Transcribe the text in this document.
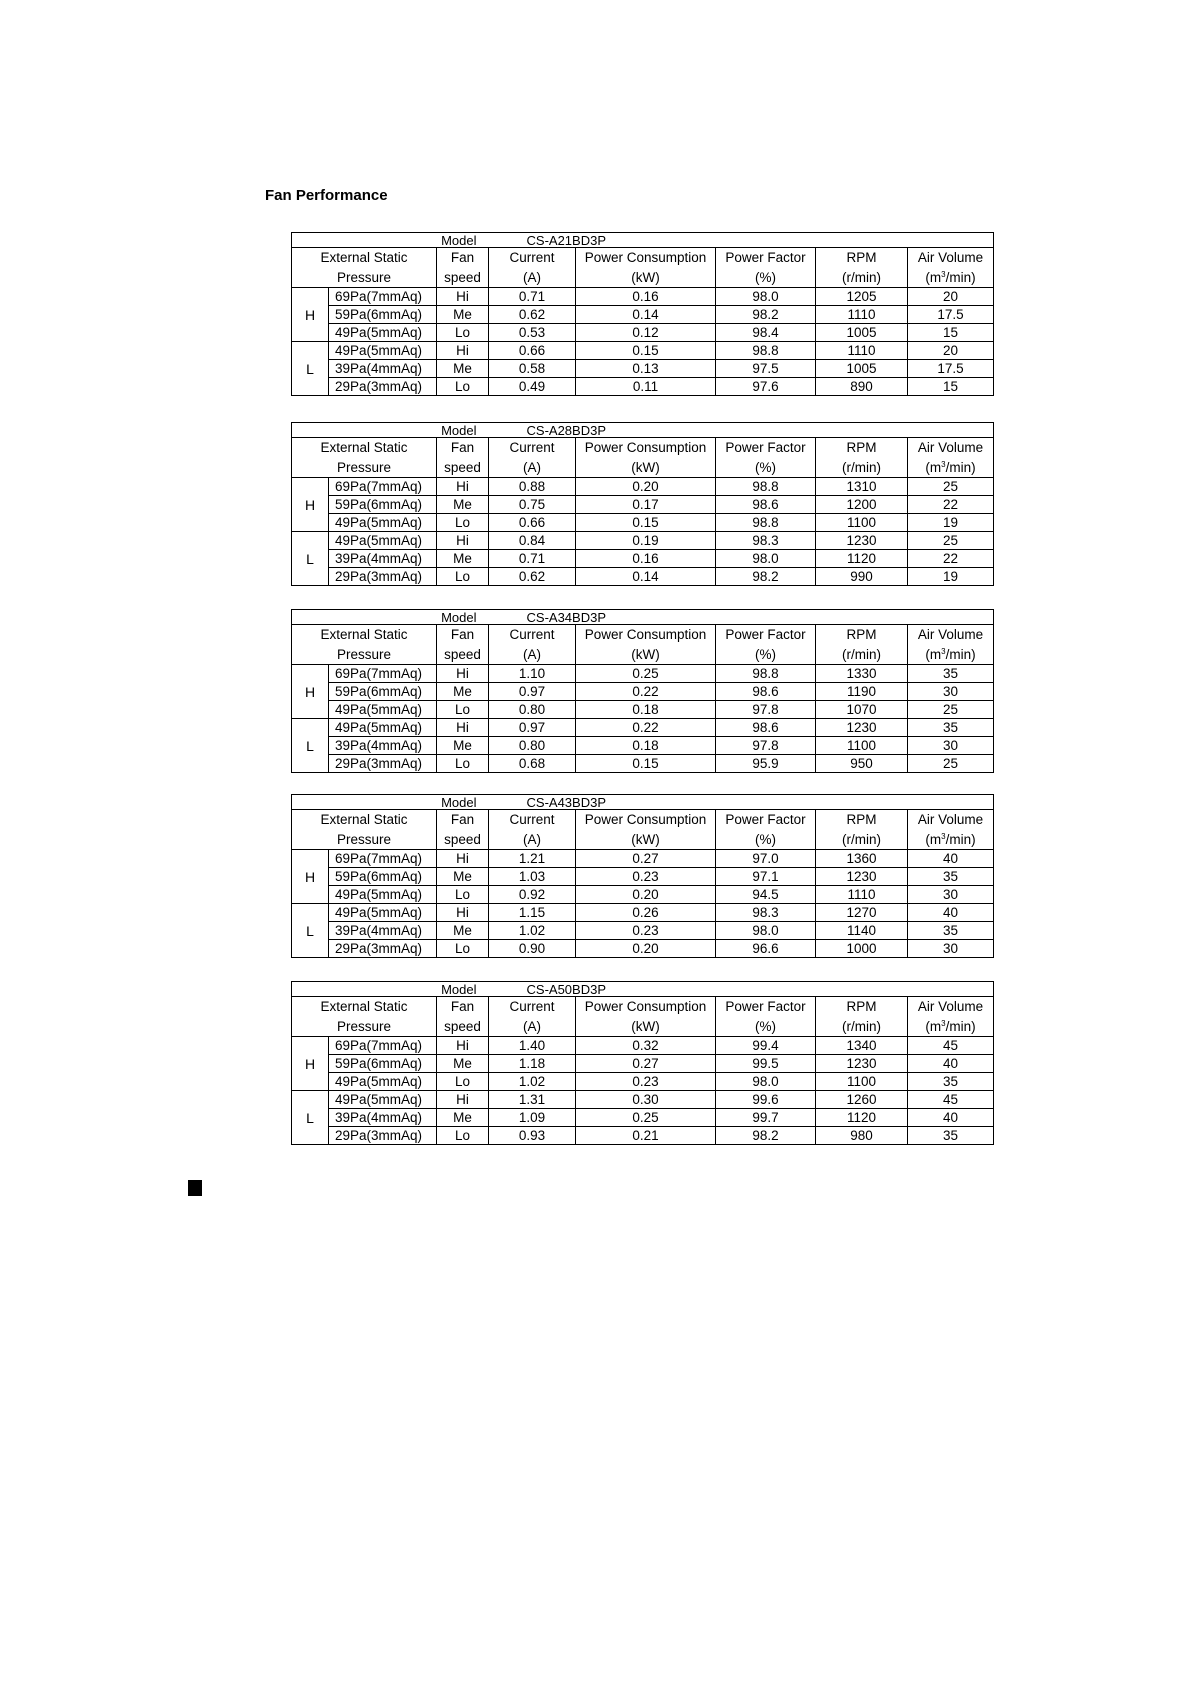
Fan Performance
Model			CS-A21BD3P				
External Static		Fan	Current	Power Consumption	Power Factor	RPM	Air Volume
Pressure		speed	(A)	(kW)	(%)	(r/min)	$(m^3/\min)$
H	69Pa(7mmAq)	Hi	0.71	0.16	98.0	1205	20
	59Pa(6mmAq)	Me	0.62	0.14	98.2	1110	17.5
	49Pa(5mmAq)	Lo	0.53	0.12	98.4	1005	15
L	49Pa(5mmAq)	Hi	0.66	0.15	98.8	1110	20
	39Pa(4mmAq)	Me	0.58	0.13	97.5	1005	17.5
	29Pa(3mmAq)	Lo	0.49	0.11	97.6	890	15
Model			CS-A28BD3P				
External Static		Fan	Current	Power Consumption	Power Factor	RPM	Air Volume
Pressure		speed	(A)	(kW)	(%)	(r/min)	$(m^3/\min)$
H	69Pa(7mmAq)	Hi	0.88	0.20	98.8	1310	25
	59Pa(6mmAq)	Me	0.75	0.17	98.6	1200	22
	49Pa(5mmAq)	Lo	0.66	0.15	98.8	1100	19
L	49Pa(5mmAq)	Hi	0.84	0.19	98.3	1230	25
	39Pa(4mmAq)	Me	0.71	0.16	98.0	1120	22
	29Pa(3mmAq)	Lo	0.62	0.14	98.2	990	19
Model			CS-A34BD3P				
External Static		Fan	Current	Power Consumption	Power Factor	RPM	Air Volume
Pressure		speed	(A)	(kW)	(%)	(r/min)	$(m^3/\min)$
H	69Pa(7mmAq)	Hi	1.10	0.25	98.8	1330	35
	59Pa(6mmAq)	Me	0.97	0.22	98.6	1190	30
	49Pa(5mmAq)	Lo	0.80	0.18	97.8	1070	25
L	49Pa(5mmAq)	Hi	0.97	0.22	98.6	1230	35
	39Pa(4mmAq)	Me	0.80	0.18	97.8	1100	30
	29Pa(3mmAq)	Lo	0.68	0.15	95.9	950	25
Model			CS-A43BD3P				
External Static		Fan	Current	Power Consumption	Power Factor	RPM	Air Volume
Pressure		speed	(A)	(kW)	(%)	(r/min)	$(m^3/\min)$
H	69Pa(7mmAq)	Hi	1.21	0.27	97.0	1360	40
	59Pa(6mmAq)	Me	1.03	0.23	97.1	1230	35
	49Pa(5mmAq)	Lo	0.92	0.20	94.5	1110	30
L	49Pa(5mmAq)	Hi	1.15	0.26	98.3	1270	40
	39Pa(4mmAq)	Me	1.02	0.23	98.0	1140	35
	29Pa(3mmAq)	Lo	0.90	0.20	96.6	1000	30
Model			CS-A50BD3P				
External Static		Fan	Current	Power Consumption	Power Factor	RPM	Air Volume
Pressure		speed	(A)	(kW)	(%)	(r/min)	$(m^3/\min)$
H	69Pa(7mmAq)	Hi	1.40	0.32	99.4	1340	45
	59Pa(6mmAq)	Me	1.18	0.27	99.5	1230	40
	49Pa(5mmAq)	Lo	1.02	0.23	98.0	1100	35
L	49Pa(5mmAq)	Hi	1.31	0.30	99.6	1260	45
	39Pa(4mmAq)	Me	1.09	0.25	99.7	1120	40
	29Pa(3mmAq)	Lo	0.93	0.21	98.2	980	35
